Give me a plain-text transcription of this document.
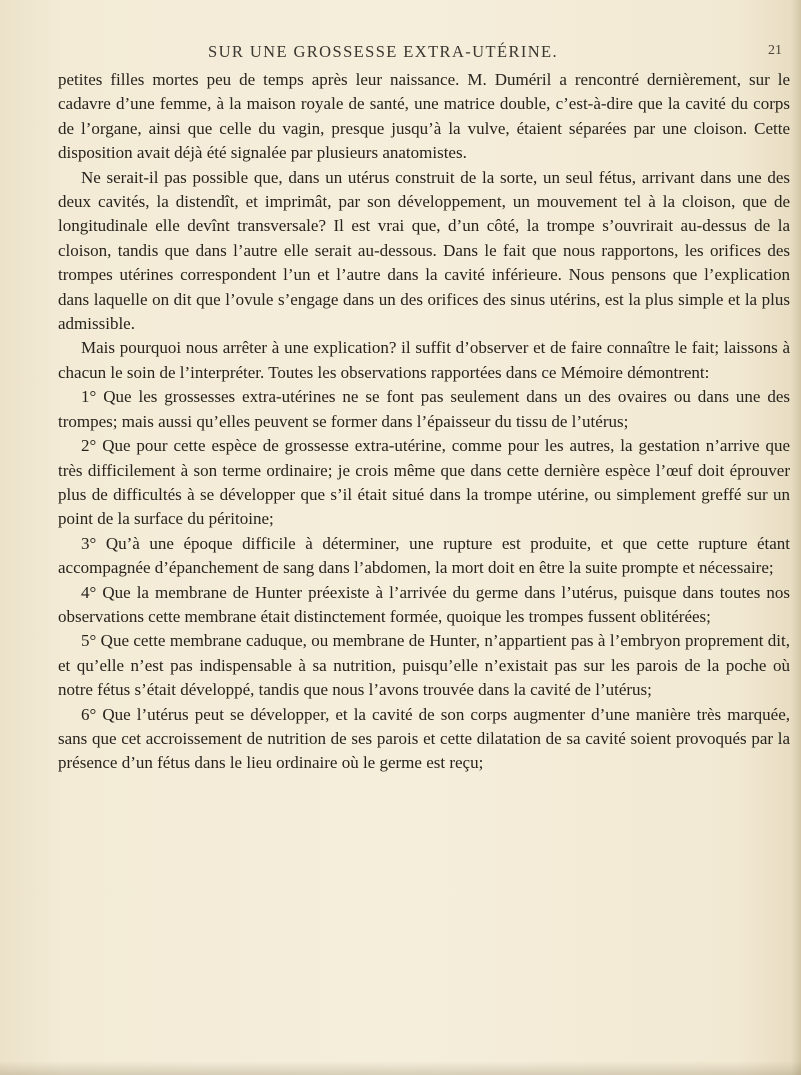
SUR UNE GROSSESSE EXTRA-UTÉRINE.	21

petites filles mortes peu de temps après leur naissance. M. Duméril a rencontré dernièrement, sur le cadavre d’une femme, à la maison royale de santé, une matrice double, c’est-à-dire que la cavité du corps de l’organe, ainsi que celle du vagin, presque jusqu’à la vulve, étaient séparées par une cloison. Cette disposition avait déjà été signalée par plusieurs anatomistes.

Ne serait-il pas possible que, dans un utérus construit de la sorte, un seul fétus, arrivant dans une des deux cavités, la distendît, et imprimât, par son développement, un mouvement tel à la cloison, que de longitudinale elle devînt transversale? Il est vrai que, d’un côté, la trompe s’ouvrirait au-dessus de la cloison, tandis que dans l’autre elle serait au-dessous. Dans le fait que nous rapportons, les orifices des trompes utérines correspondent l’un et l’autre dans la cavité inférieure. Nous pensons que l’explication dans laquelle on dit que l’ovule s’engage dans un des orifices des sinus utérins, est la plus simple et la plus admissible.

Mais pourquoi nous arrêter à une explication? il suffit d’observer et de faire connaître le fait; laissons à chacun le soin de l’interpréter. Toutes les observations rapportées dans ce Mémoire démontrent:

1° Que les grossesses extra-utérines ne se font pas seulement dans un des ovaires ou dans une des trompes; mais aussi qu’elles peuvent se former dans l’épaisseur du tissu de l’utérus;

2° Que pour cette espèce de grossesse extra-utérine, comme pour les autres, la gestation n’arrive que très difficilement à son terme ordinaire; je crois même que dans cette dernière espèce l’œuf doit éprouver plus de difficultés à se développer que s’il était situé dans la trompe utérine, ou simplement greffé sur un point de la surface du péritoine;

3° Qu’à une époque difficile à déterminer, une rupture est produite, et que cette rupture étant accompagnée d’épanchement de sang dans l’abdomen, la mort doit en être la suite prompte et nécessaire;

4° Que la membrane de Hunter préexiste à l’arrivée du germe dans l’utérus, puisque dans toutes nos observations cette membrane était distinctement formée, quoique les trompes fussent oblitérées;

5° Que cette membrane caduque, ou membrane de Hunter, n’appartient pas à l’embryon proprement dit, et qu’elle n’est pas indispensable à sa nutrition, puisqu’elle n’existait pas sur les parois de la poche où notre fétus s’était développé, tandis que nous l’avons trouvée dans la cavité de l’utérus;

6° Que l’utérus peut se développer, et la cavité de son corps augmenter d’une manière très marquée, sans que cet accroissement de nutrition de ses parois et cette dilatation de sa cavité soient provoqués par la présence d’un fétus dans le lieu ordinaire où le germe est reçu;
